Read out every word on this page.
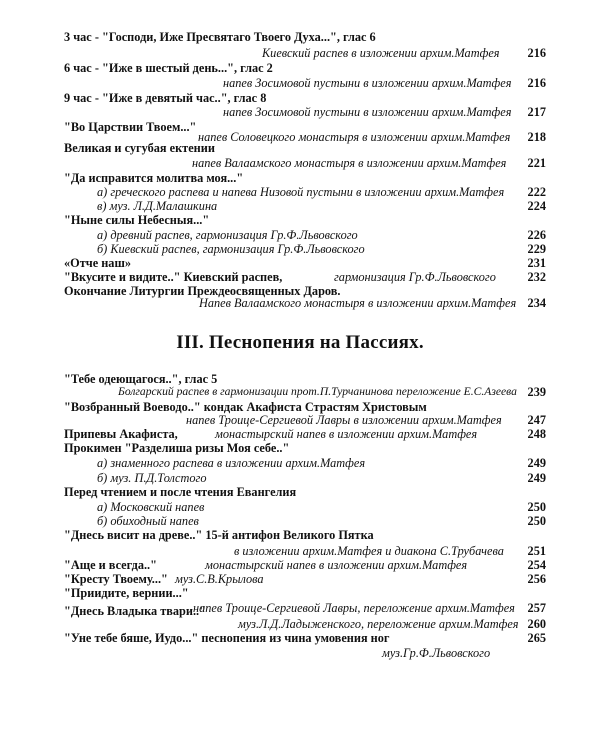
3 час - "Господи, Иже Пресвятаго Твоего Духа...", глас 6
Киевский распев в изложении архим.Матфея	216
6 час - "Иже в шестый день...", глас 2
напев Зосимовой пустыни в изложении архим.Матфея	216
9 час - "Иже в девятый час..", глас 8
напев Зосимовой пустыни в изложении архим.Матфея	217
"Во Царствии Твоем..."
напев Соловецкого монастыря в изложении архим.Матфея	218
Великая и сугубая ектении
напев Валаамского монастыря в изложении архим.Матфея	221
"Да исправится молитва моя..."
а) греческого распева и напева Низовой пустыни в изложении архим.Матфея	222
в) муз. Л.Д.Малашкина	224
"Ныне силы Небесныя..."
а) древний распев, гармонизация Гр.Ф.Львовского	226
б) Киевский распев, гармонизация Гр.Ф.Львовского	229
«Отче наш»	231
"Вкусите и видите.." Киевский распев,	гармонизация Гр.Ф.Львовского	232
Окончание Литургии Преждеосвященных Даров.
Напев Валаамского монастыря в изложении архим.Матфея 234
III. Песнопения на Пассиях.
"Тебе одеющагося..", глас 5
Болгарский распев в гармонизации прот.П.Турчанинова переложение Е.С.Азеева 239
"Возбранный Воеводо.." кондак Акафиста Страстям Христовым
напев Троице-Сергиевой Лавры в изложении архим.Матфея	247
Припевы Акафиста,	монастырский напев в изложении архим.Матфея	248
Прокимен "Разделиша ризы Моя себе.."
а) знаменного распева в изложении архим.Матфея	249
б) муз. П.Д.Толстого	249
Перед чтением и после чтения Евангелия
а) Московский напев	250
б) обиходный напев	250
"Днесь висит на древе.." 15-й антифон Великого Пятка
в изложении архим.Матфея и диакона С.Трубачева	251
"Аще и всегда.."	монастырский напев в изложении архим.Матфея	254
"Кресту Твоему..." муз.С.В.Крылова	256
"Приидите, вернии..."
напев Троице-Сергиевой Лавры, переложение архим.Матфея	257
"Днесь Владыка твари.."
муз.Л.Д.Ладыженского, переложение архим.Матфея 260
"Уне тебе бяше, Иудо..." песнопения из чина умовения ног	265
муз.Гр.Ф.Львовского
